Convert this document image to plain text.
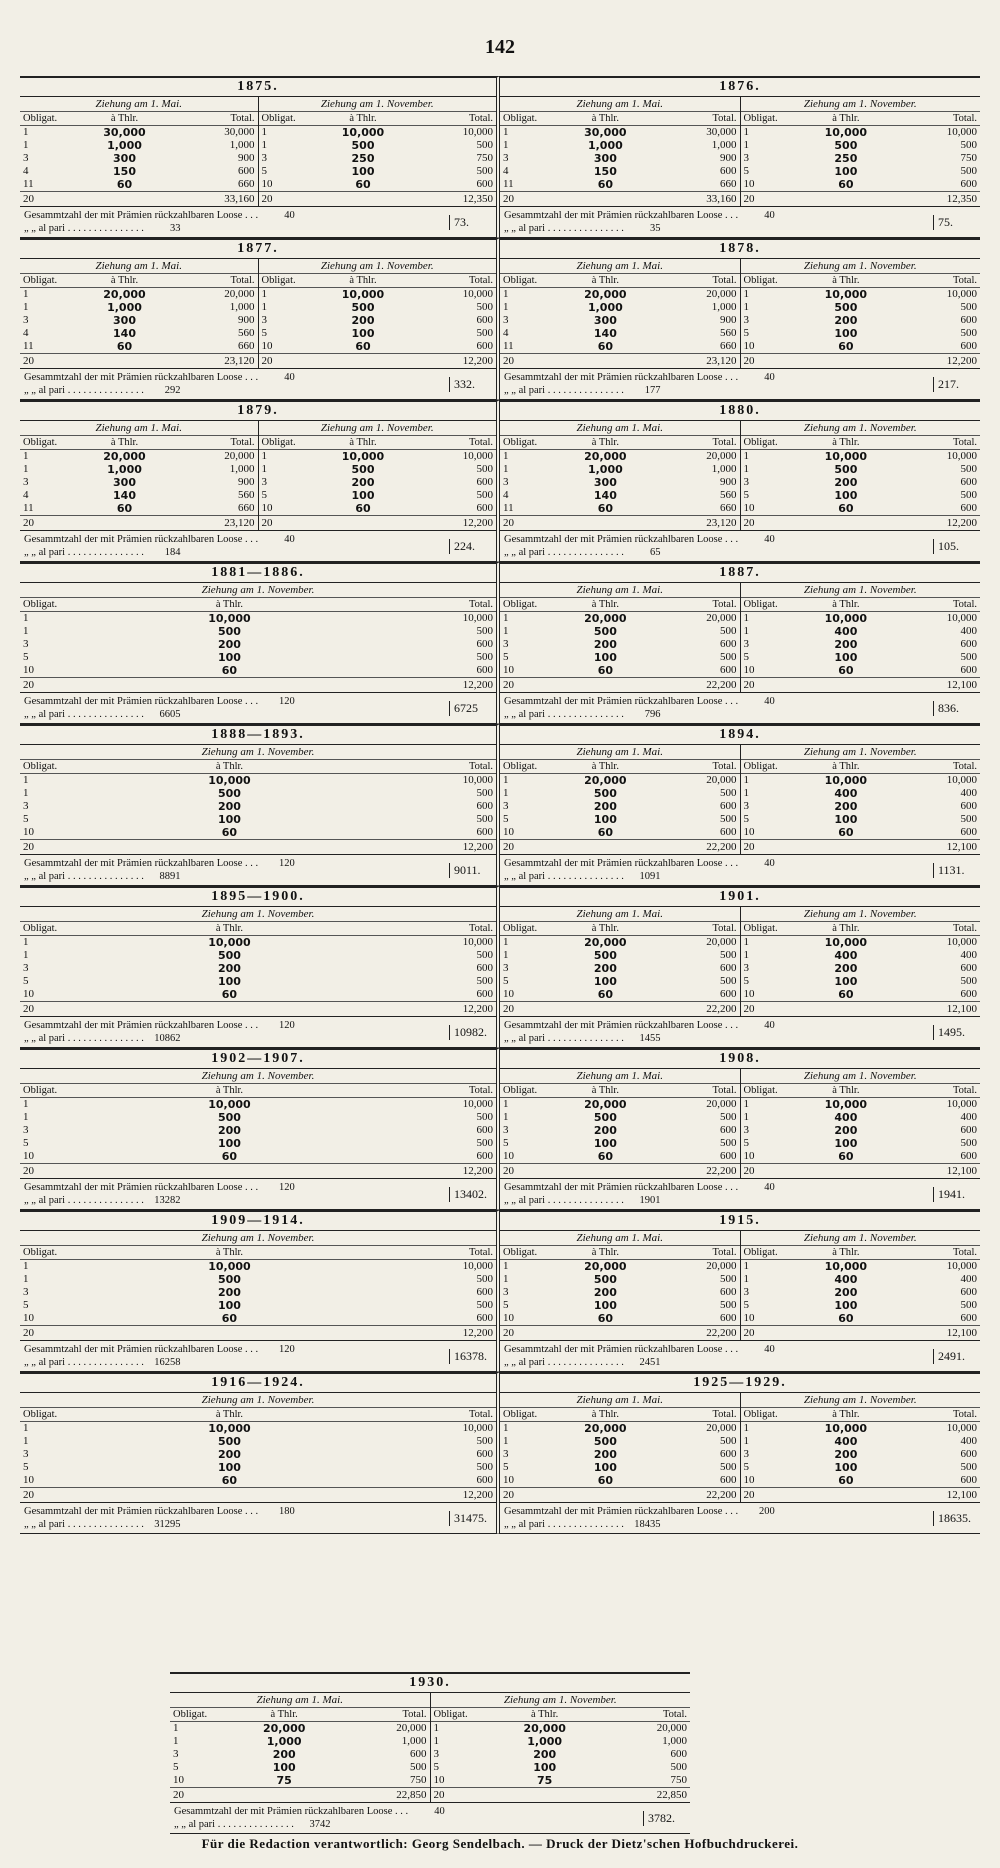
142
1875.
Ziehung am 1. Mai.
Obligat.	à Thlr.	Total.
1	30,000	30,000
1	1,000	1,000
3	300	900
4	150	600
11	60	660
20		33,160
Ziehung am 1. November.
Obligat.	à Thlr.	Total.
1	10,000	10,000
1	500	500
3	250	750
5	100	500
10	60	600
20		12,350
Gesammtzahl der mit Prämien rückzahlbaren Loose . . . 40
„ „ al pari . . . . . . . . . . . . . . . 33	73.
1876.
Ziehung am 1. Mai.
Obligat.	à Thlr.	Total.
1	30,000	30,000
1	1,000	1,000
3	300	900
4	150	600
11	60	660
20		33,160
Ziehung am 1. November.
Obligat.	à Thlr.	Total.
1	10,000	10,000
1	500	500
3	250	750
5	100	500
10	60	600
20		12,350
Gesammtzahl der mit Prämien rückzahlbaren Loose . . . 40
„ „ al pari . . . . . . . . . . . . . . . 35	75.
1877.
Ziehung am 1. Mai.
Obligat.	à Thlr.	Total.
1	20,000	20,000
1	1,000	1,000
3	300	900
4	140	560
11	60	660
20		23,120
Ziehung am 1. November.
Obligat.	à Thlr.	Total.
1	10,000	10,000
1	500	500
3	200	600
5	100	500
10	60	600
20		12,200
Gesammtzahl der mit Prämien rückzahlbaren Loose . . . 40
„ „ al pari . . . . . . . . . . . . . . . 292	332.
1878.
Ziehung am 1. Mai.
Obligat.	à Thlr.	Total.
1	20,000	20,000
1	1,000	1,000
3	300	900
4	140	560
11	60	660
20		23,120
Ziehung am 1. November.
Obligat.	à Thlr.	Total.
1	10,000	10,000
1	500	500
3	200	600
5	100	500
10	60	600
20		12,200
Gesammtzahl der mit Prämien rückzahlbaren Loose . . . 40
„ „ al pari . . . . . . . . . . . . . . . 177	217.
1879.
Ziehung am 1. Mai.
Obligat.	à Thlr.	Total.
1	20,000	20,000
1	1,000	1,000
3	300	900
4	140	560
11	60	660
20		23,120
Ziehung am 1. November.
Obligat.	à Thlr.	Total.
1	10,000	10,000
1	500	500
3	200	600
5	100	500
10	60	600
20		12,200
Gesammtzahl der mit Prämien rückzahlbaren Loose . . . 40
„ „ al pari . . . . . . . . . . . . . . . 184	224.
1880.
Ziehung am 1. Mai.
Obligat.	à Thlr.	Total.
1	20,000	20,000
1	1,000	1,000
3	300	900
4	140	560
11	60	660
20		23,120
Ziehung am 1. November.
Obligat.	à Thlr.	Total.
1	10,000	10,000
1	500	500
3	200	600
5	100	500
10	60	600
20		12,200
Gesammtzahl der mit Prämien rückzahlbaren Loose . . . 40
„ „ al pari . . . . . . . . . . . . . . . 65	105.
1881—1886.
Ziehung am 1. November.
Obligat.	à Thlr.	Total.
1	10,000	10,000
1	500	500
3	200	600
5	100	500
10	60	600
20		12,200
Gesammtzahl der mit Prämien rückzahlbaren Loose . . . 120
„ „ al pari . . . . . . . . . . . . . . . 6605	6725
1887.
Ziehung am 1. Mai.
Obligat.	à Thlr.	Total.
1	20,000	20,000
1	500	500
3	200	600
5	100	500
10	60	600
20		22,200
Ziehung am 1. November.
Obligat.	à Thlr.	Total.
1	10,000	10,000
1	400	400
3	200	600
5	100	500
10	60	600
20		12,100
Gesammtzahl der mit Prämien rückzahlbaren Loose . . . 40
„ „ al pari . . . . . . . . . . . . . . . 796	836.
1888—1893.
Ziehung am 1. November.
Obligat.	à Thlr.	Total.
1	10,000	10,000
1	500	500
3	200	600
5	100	500
10	60	600
20		12,200
Gesammtzahl der mit Prämien rückzahlbaren Loose . . . 120
„ „ al pari . . . . . . . . . . . . . . . 8891	9011.
1894.
Ziehung am 1. Mai.
Obligat.	à Thlr.	Total.
1	20,000	20,000
1	500	500
3	200	600
5	100	500
10	60	600
20		22,200
Ziehung am 1. November.
Obligat.	à Thlr.	Total.
1	10,000	10,000
1	400	400
3	200	600
5	100	500
10	60	600
20		12,100
Gesammtzahl der mit Prämien rückzahlbaren Loose . . . 40
„ „ al pari . . . . . . . . . . . . . . . 1091	1131.
1895—1900.
Ziehung am 1. November.
Obligat.	à Thlr.	Total.
1	10,000	10,000
1	500	500
3	200	600
5	100	500
10	60	600
20		12,200
Gesammtzahl der mit Prämien rückzahlbaren Loose . . . 120
„ „ al pari . . . . . . . . . . . . . . . 10862	10982.
1901.
Ziehung am 1. Mai.
Obligat.	à Thlr.	Total.
1	20,000	20,000
1	500	500
3	200	600
5	100	500
10	60	600
20		22,200
Ziehung am 1. November.
Obligat.	à Thlr.	Total.
1	10,000	10,000
1	400	400
3	200	600
5	100	500
10	60	600
20		12,100
Gesammtzahl der mit Prämien rückzahlbaren Loose . . . 40
„ „ al pari . . . . . . . . . . . . . . . 1455	1495.
1902—1907.
Ziehung am 1. November.
Obligat.	à Thlr.	Total.
1	10,000	10,000
1	500	500
3	200	600
5	100	500
10	60	600
20		12,200
Gesammtzahl der mit Prämien rückzahlbaren Loose . . . 120
„ „ al pari . . . . . . . . . . . . . . . 13282	13402.
1908.
Ziehung am 1. Mai.
Obligat.	à Thlr.	Total.
1	20,000	20,000
1	500	500
3	200	600
5	100	500
10	60	600
20		22,200
Ziehung am 1. November.
Obligat.	à Thlr.	Total.
1	10,000	10,000
1	400	400
3	200	600
5	100	500
10	60	600
20		12,100
Gesammtzahl der mit Prämien rückzahlbaren Loose . . . 40
„ „ al pari . . . . . . . . . . . . . . . 1901	1941.
1909—1914.
Ziehung am 1. November.
Obligat.	à Thlr.	Total.
1	10,000	10,000
1	500	500
3	200	600
5	100	500
10	60	600
20		12,200
Gesammtzahl der mit Prämien rückzahlbaren Loose . . . 120
„ „ al pari . . . . . . . . . . . . . . . 16258	16378.
1915.
Ziehung am 1. Mai.
Obligat.	à Thlr.	Total.
1	20,000	20,000
1	500	500
3	200	600
5	100	500
10	60	600
20		22,200
Ziehung am 1. November.
Obligat.	à Thlr.	Total.
1	10,000	10,000
1	400	400
3	200	600
5	100	500
10	60	600
20		12,100
Gesammtzahl der mit Prämien rückzahlbaren Loose . . . 40
„ „ al pari . . . . . . . . . . . . . . . 2451	2491.
1916—1924.
Ziehung am 1. November.
Obligat.	à Thlr.	Total.
1	10,000	10,000
1	500	500
3	200	600
5	100	500
10	60	600
20		12,200
Gesammtzahl der mit Prämien rückzahlbaren Loose . . . 180
„ „ al pari . . . . . . . . . . . . . . . 31295	31475.
1925—1929.
Ziehung am 1. Mai.
Obligat.	à Thlr.	Total.
1	20,000	20,000
1	500	500
3	200	600
5	100	500
10	60	600
20		22,200
Ziehung am 1. November.
Obligat.	à Thlr.	Total.
1	10,000	10,000
1	400	400
3	200	600
5	100	500
10	60	600
20		12,100
Gesammtzahl der mit Prämien rückzahlbaren Loose . . . 200
„ „ al pari . . . . . . . . . . . . . . . 18435	18635.
1930.
Ziehung am 1. Mai.
Obligat.	à Thlr.	Total.
1	20,000	20,000
1	1,000	1,000
3	200	600
5	100	500
10	75	750
20		22,850
Ziehung am 1. November.
Obligat.	à Thlr.	Total.
1	20,000	20,000
1	1,000	1,000
3	200	600
5	100	500
10	75	750
20		22,850
Gesammtzahl der mit Prämien rückzahlbaren Loose . . . 40
„ „ al pari . . . . . . . . . . . . . . . 3742	3782.
Für die Redaction verantwortlich: Georg Sendelbach. — Druck der Dietz'schen Hofbuchdruckerei.
